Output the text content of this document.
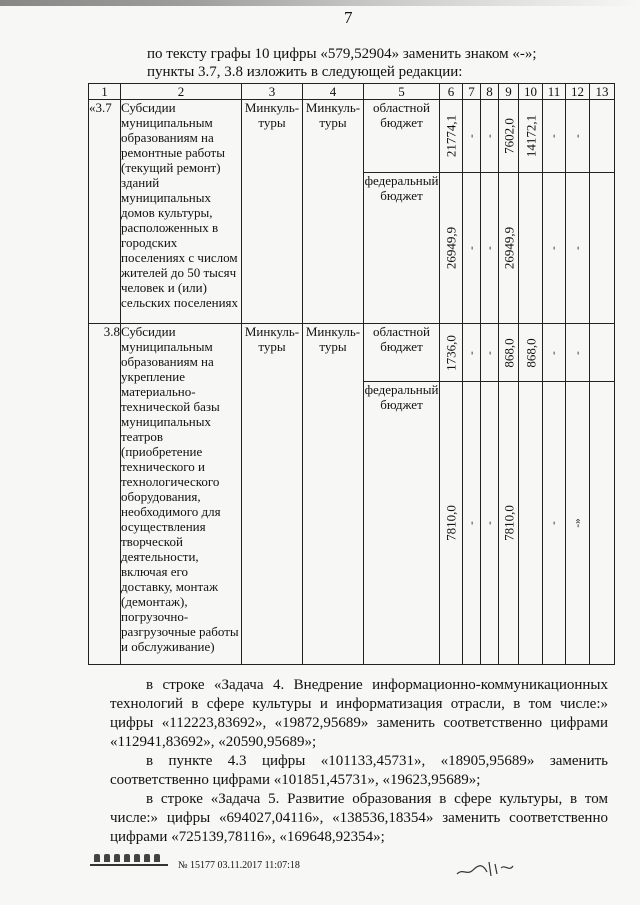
7
по тексту графы 10 цифры «579,52904» заменить знаком «-»;
пункты 3.7, 3.8 изложить в следующей редакции:
1	2	3	4	5	6	7	8	9	10	11	12	13
«3.7	Субсидии муниципальным образованиям на ремонтные работы (текущий ремонт) зданий муниципальных домов культуры, расположенных в городских поселениях с числом жителей до 50 тысяч человек и (или) сельских поселениях	Минкуль-туры	Минкуль-туры	областной бюджет	21774,1	-	-	7602,0	14172,1	-	-	

				федеральный бюджет	26949,9	-	-	26949,9		-	-	

3.8	Субсидии муниципальным образованиям на укрепление материально-технической базы муниципальных театров (приобретение технического и технологического оборудования, необходимого для осуществления творческой деятельности, включая его доставку, монтаж (демонтаж), погрузочно-разгрузочные работы и обслуживание)	Минкуль-туры	Минкуль-туры	областной бюджет	1736,0	-	-	868,0	868,0	-	-	

				федеральный бюджет	7810,0	-	-	7810,0		-	-»	

в строке «Задача 4. Внедрение информационно-коммуникационных технологий в сфере культуры и информатизация отрасли, в том числе:» цифры «112223,83692», «19872,95689» заменить соответственно цифрами «112941,83692», «20590,95689»;
в пункте 4.3 цифры «101133,45731», «18905,95689» заменить соответственно цифрами «101851,45731», «19623,95689»;
в строке «Задача 5. Развитие образования в сфере культуры, в том числе:» цифры «694027,04116», «138536,18354» заменить соответственно цифрами «725139,78116», «169648,92354»;
№ 15177 03.11.2017 11:07:18
